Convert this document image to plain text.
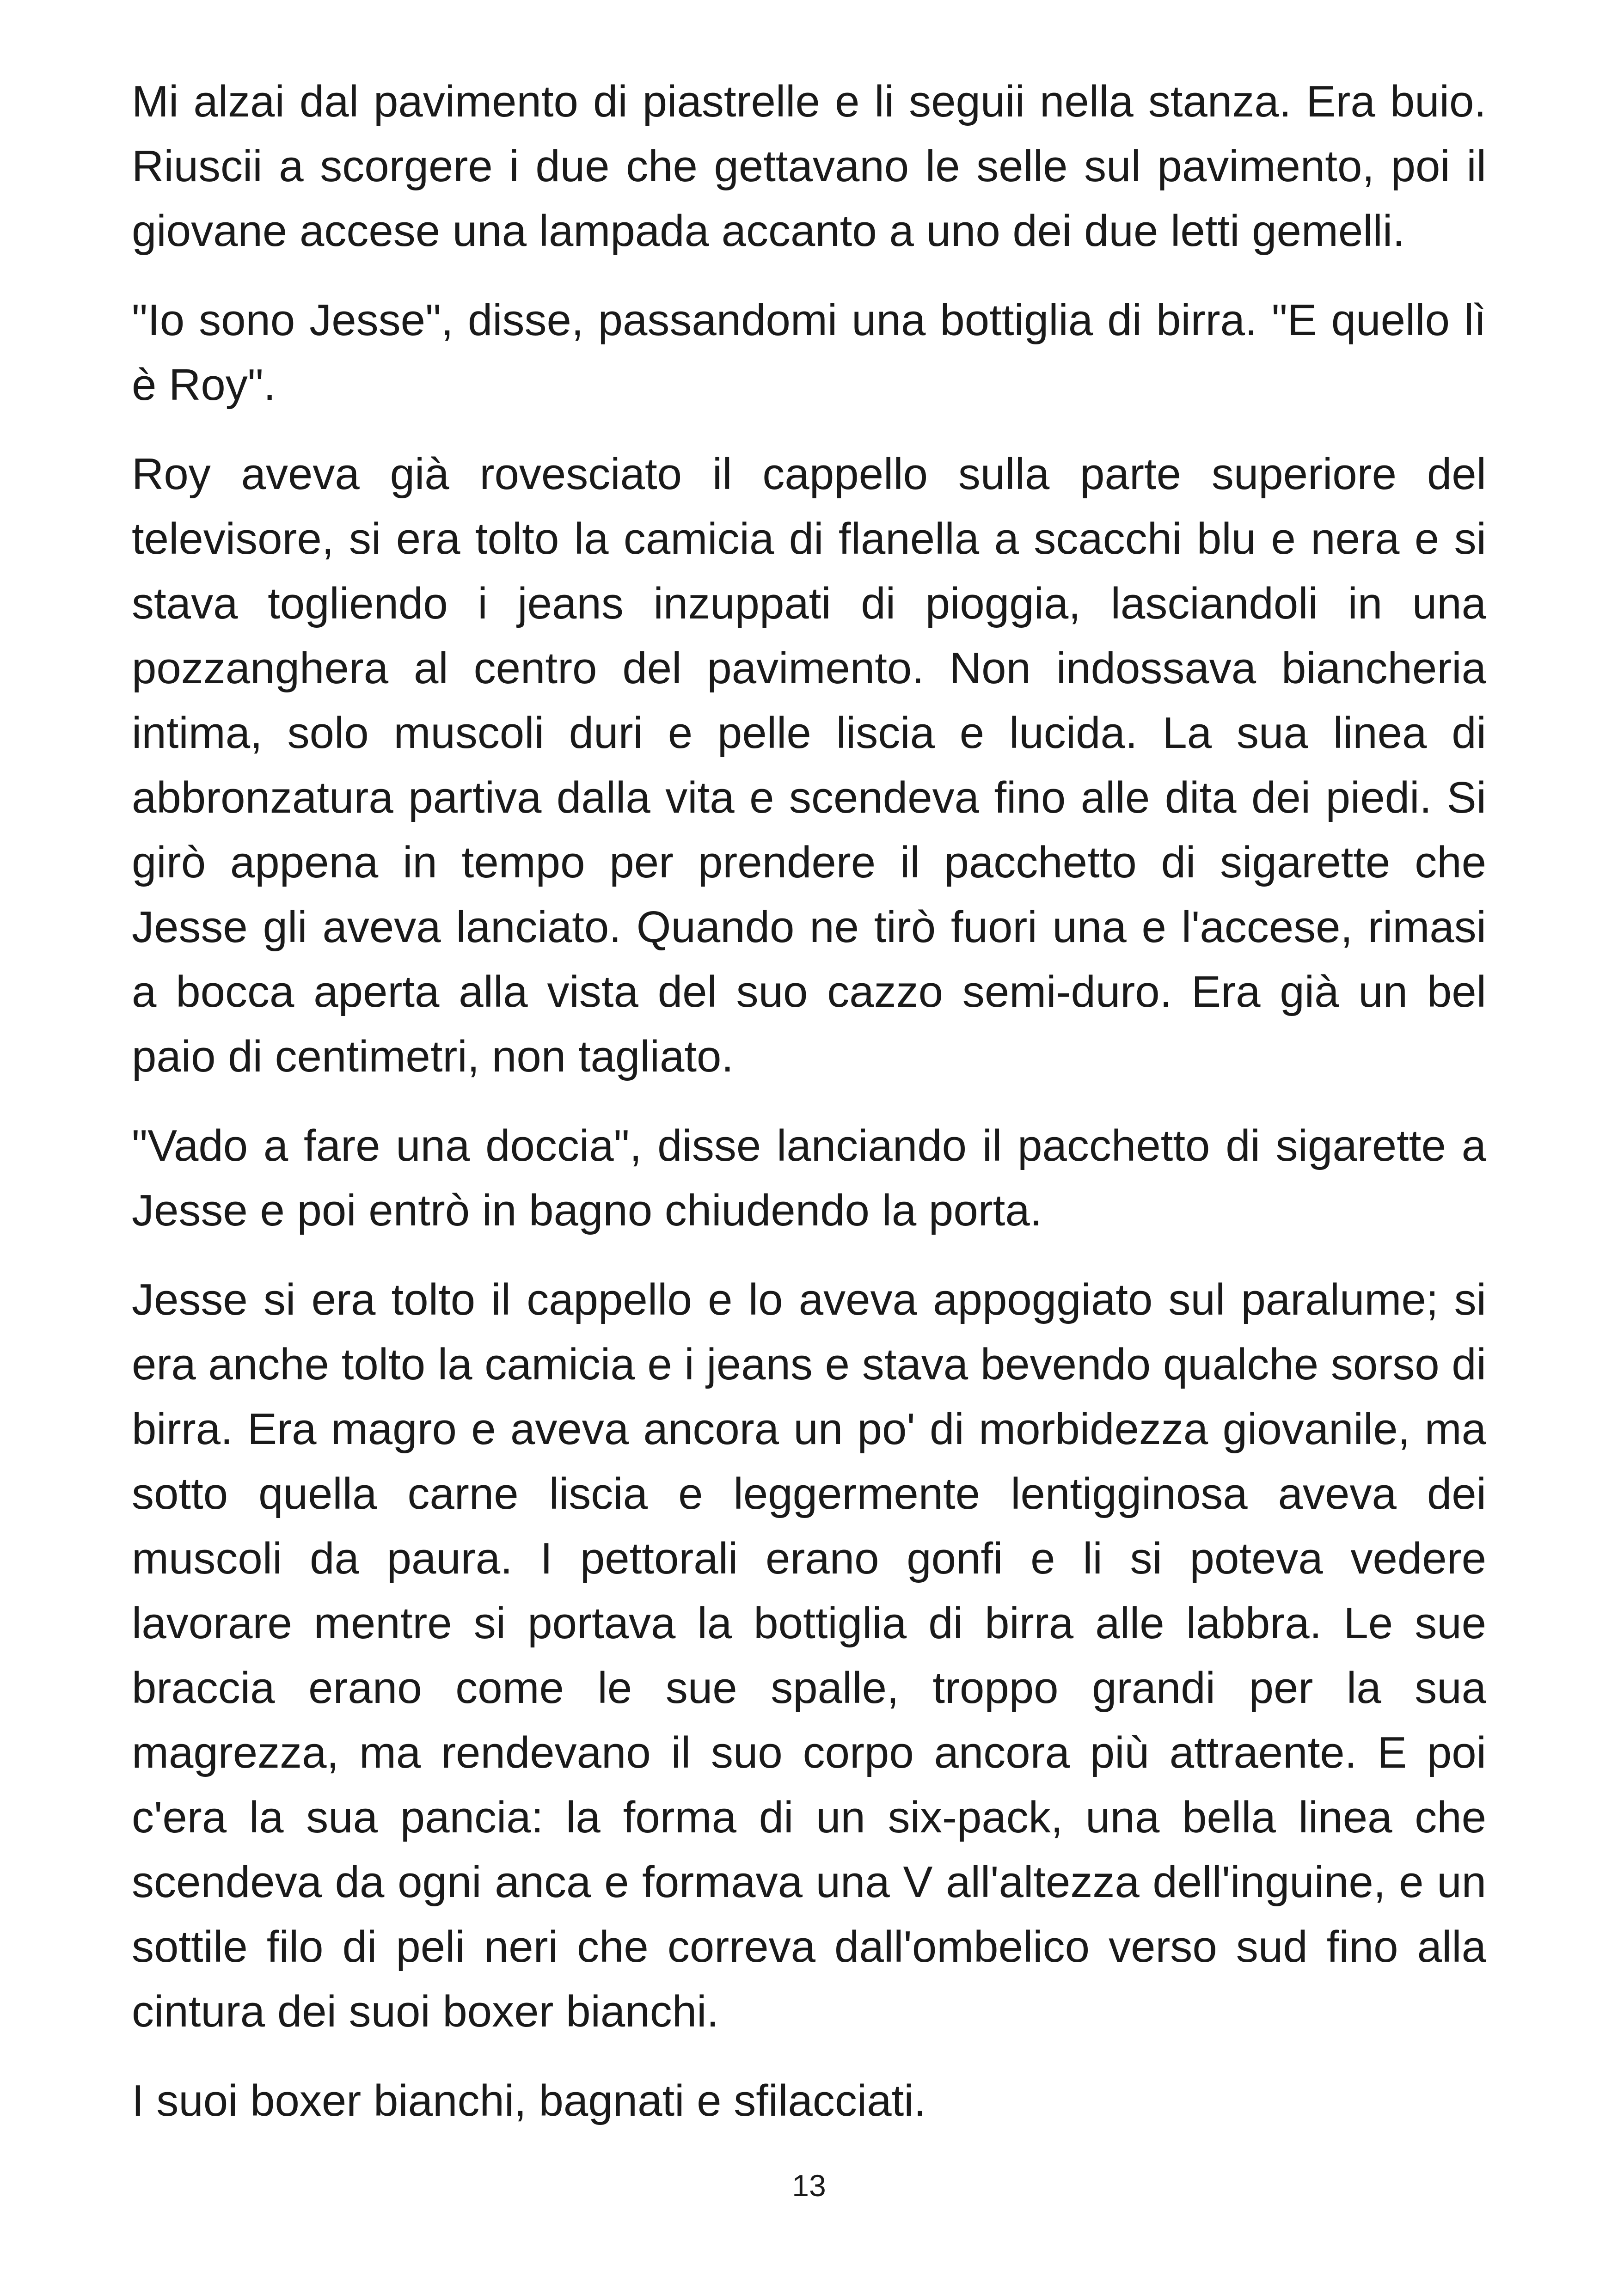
Mi alzai dal pavimento di piastrelle e li seguii nella stanza. Era buio. Riuscii a scorgere i due che gettavano le selle sul pavimento, poi il giovane accese una lampada accanto a uno dei due letti gemelli.

"Io sono Jesse", disse, passandomi una bottiglia di birra. "E quello lì è Roy".

Roy aveva già rovesciato il cappello sulla parte superiore del televisore, si era tolto la camicia di flanella a scacchi blu e nera e si stava togliendo i jeans inzuppati di pioggia, lasciandoli in una pozzanghera al centro del pavimento. Non indossava biancheria intima, solo muscoli duri e pelle liscia e lucida. La sua linea di abbronzatura partiva dalla vita e scendeva fino alle dita dei piedi. Si girò appena in tempo per prendere il pacchetto di sigarette che Jesse gli aveva lanciato. Quando ne tirò fuori una e l'accese, rimasi a bocca aperta alla vista del suo cazzo semi-duro. Era già un bel paio di centimetri, non tagliato.

"Vado a fare una doccia", disse lanciando il pacchetto di sigarette a Jesse e poi entrò in bagno chiudendo la porta.

Jesse si era tolto il cappello e lo aveva appoggiato sul paralume; si era anche tolto la camicia e i jeans e stava bevendo qualche sorso di birra. Era magro e aveva ancora un po' di morbidezza giovanile, ma sotto quella carne liscia e leggermente lentigginosa aveva dei muscoli da paura. I pettorali erano gonfi e li si poteva vedere lavorare mentre si portava la bottiglia di birra alle labbra. Le sue braccia erano come le sue spalle, troppo grandi per la sua magrezza, ma rendevano il suo corpo ancora più attraente. E poi c'era la sua pancia: la forma di un six-pack, una bella linea che scendeva da ogni anca e formava una V all'altezza dell'inguine, e un sottile filo di peli neri che correva dall'ombelico verso sud fino alla cintura dei suoi boxer bianchi.

I suoi boxer bianchi, bagnati e sfilacciati.

13
